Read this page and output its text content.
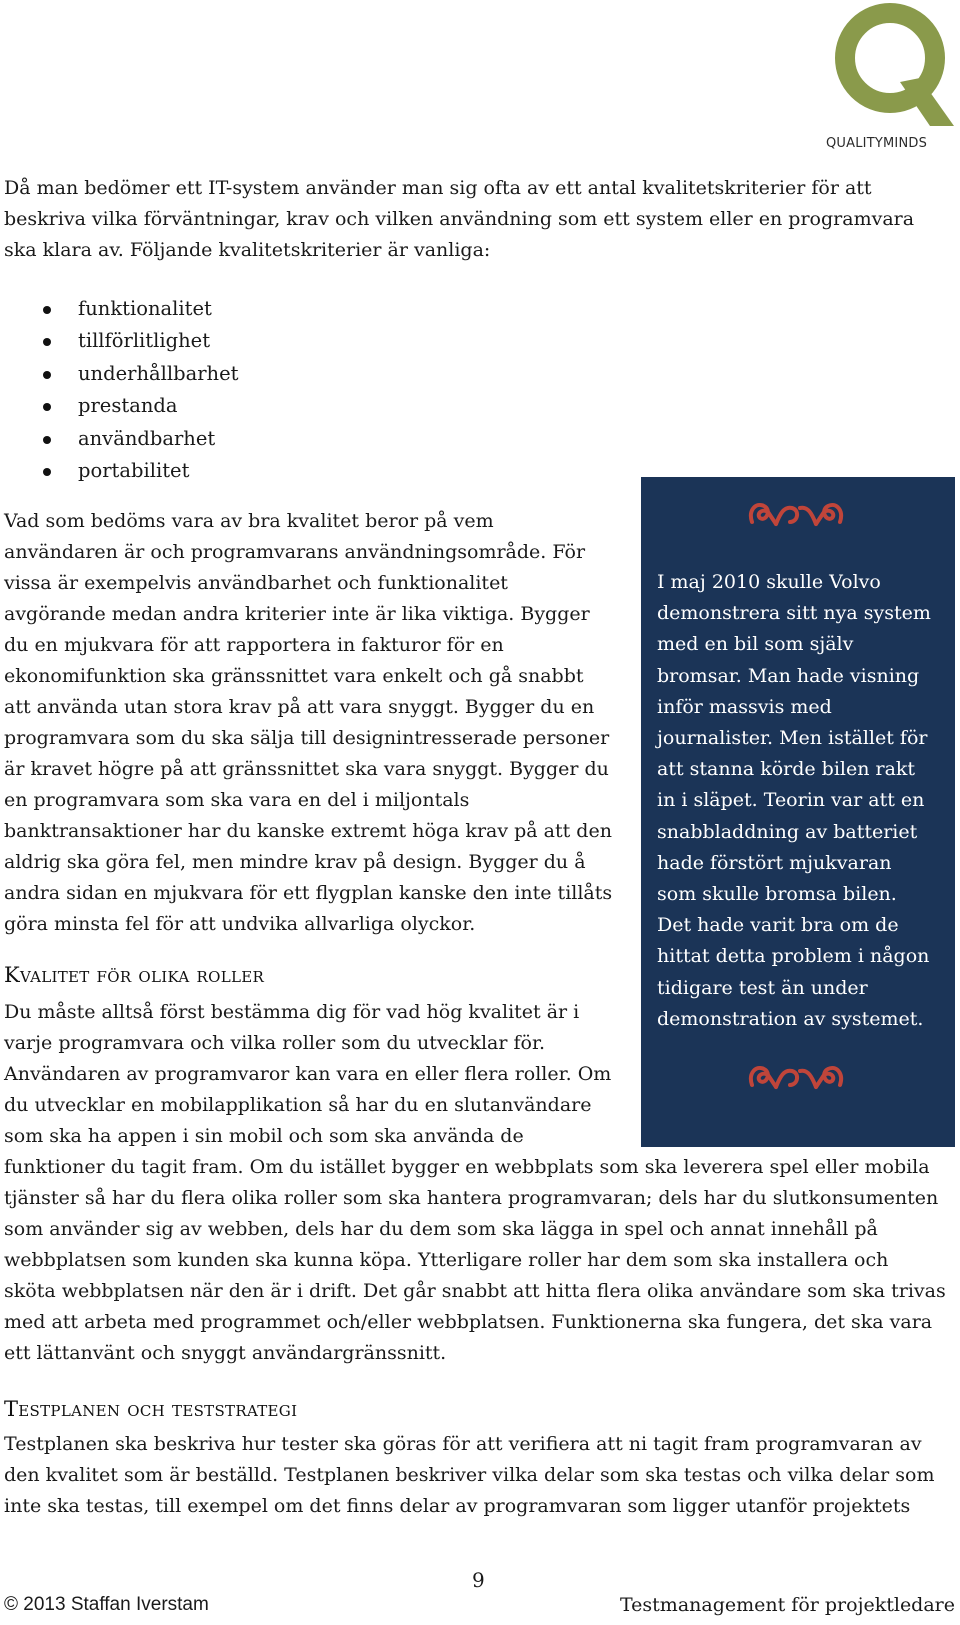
QUALITYMINDS
Då man bedömer ett IT-system använder man sig ofta av ett antal kvalitetskriterier för att
beskriva vilka förväntningar, krav och vilken användning som ett system eller en programvara
ska klara av. Följande kvalitetskriterier är vanliga:
funktionalitet
tillförlitlighet
underhållbarhet
prestanda
användbarhet
portabilitet
Vad som bedöms vara av bra kvalitet beror på vem
användaren är och programvarans användningsområde. För
vissa är exempelvis användbarhet och funktionalitet
avgörande medan andra kriterier inte är lika viktiga. Bygger
du en mjukvara för att rapportera in fakturor för en
ekonomifunktion ska gränssnittet vara enkelt och gå snabbt
att använda utan stora krav på att vara snyggt. Bygger du en
programvara som du ska sälja till designintresserade personer
är kravet högre på att gränssnittet ska vara snyggt. Bygger du
en programvara som ska vara en del i miljontals
banktransaktioner har du kanske extremt höga krav på att den
aldrig ska göra fel, men mindre krav på design. Bygger du å
andra sidan en mjukvara för ett flygplan kanske den inte tillåts
göra minsta fel för att undvika allvarliga olyckor.
Kvalitet för olika roller
Du måste alltså först bestämma dig för vad hög kvalitet är i
varje programvara och vilka roller som du utvecklar för.
Användaren av programvaror kan vara en eller flera roller. Om
du utvecklar en mobilapplikation så har du en slutanvändare
som ska ha appen i sin mobil och som ska använda de
funktioner du tagit fram. Om du istället bygger en webbplats som ska leverera spel eller mobila
tjänster så har du flera olika roller som ska hantera programvaran; dels har du slutkonsumenten
som använder sig av webben, dels har du dem som ska lägga in spel och annat innehåll på
webbplatsen som kunden ska kunna köpa. Ytterligare roller har dem som ska installera och
sköta webbplatsen när den är i drift. Det går snabbt att hitta flera olika användare som ska trivas
med att arbeta med programmet och/eller webbplatsen. Funktionerna ska fungera, det ska vara
ett lättanvänt och snyggt användargränssnitt.
Testplanen och teststrategi
Testplanen ska beskriva hur tester ska göras för att verifiera att ni tagit fram programvaran av
den kvalitet som är beställd. Testplanen beskriver vilka delar som ska testas och vilka delar som
inte ska testas, till exempel om det finns delar av programvaran som ligger utanför projektets
I maj 2010 skulle Volvo
demonstrera sitt nya system
med en bil som själv
bromsar. Man hade visning
inför massvis med
journalister. Men istället för
att stanna körde bilen rakt
in i släpet. Teorin var att en
snabbladdning av batteriet
hade förstört mjukvaran
som skulle bromsa bilen.
Det hade varit bra om de
hittat detta problem i någon
tidigare test än under
demonstration av systemet.
9
© 2013 Staffan Iverstam	Testmanagement för projektledare
